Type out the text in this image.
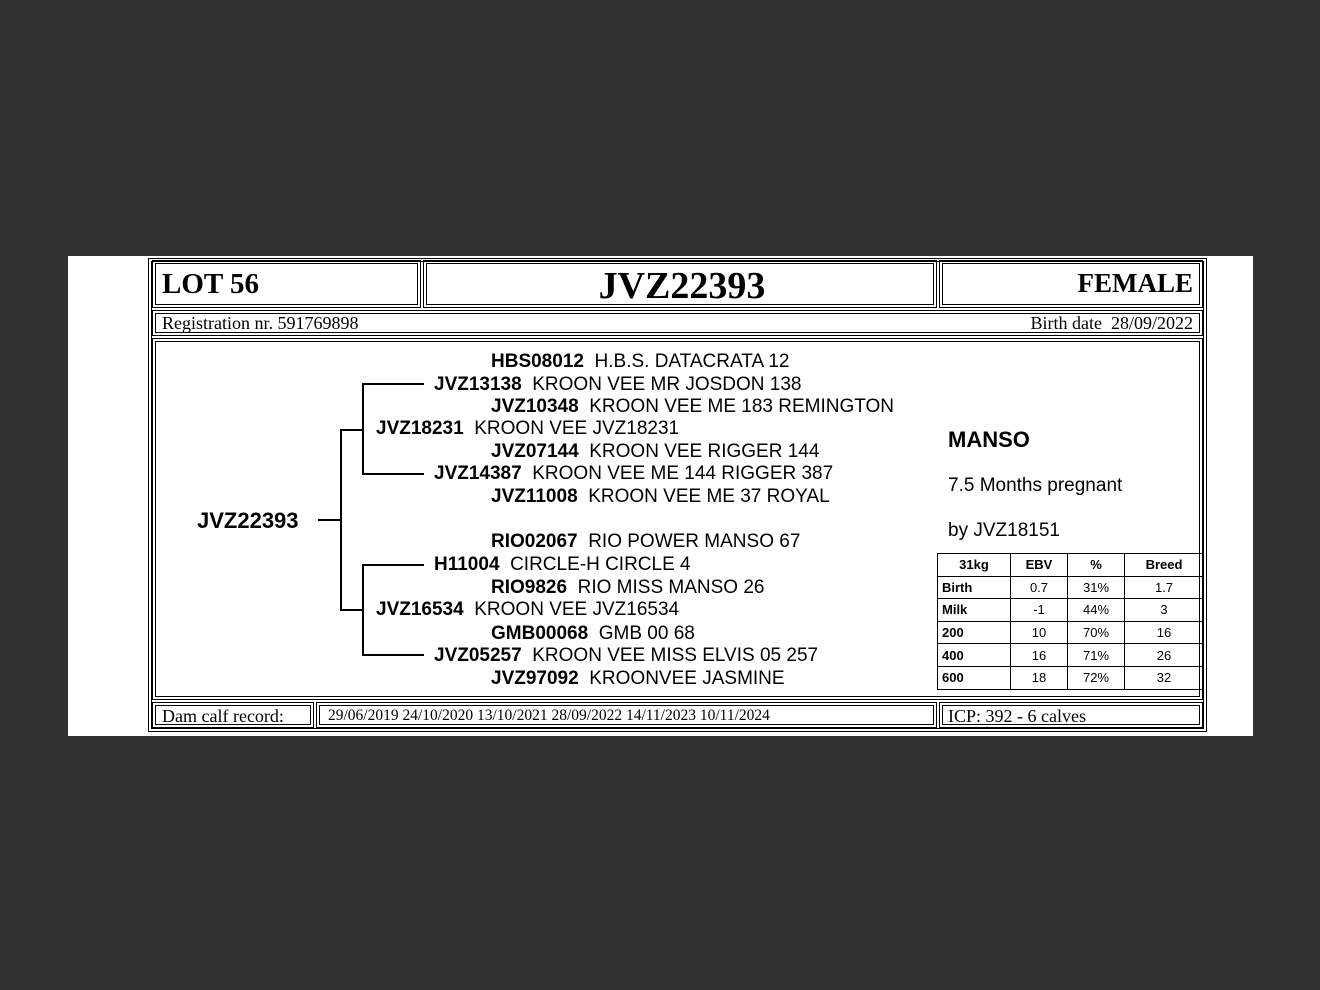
LOT 56	JVZ22393	FEMALE
Registration nr. 591769898	Birth date 28/09/2022
JVZ22393
HBS08012 H.B.S. DATACRATA 12
JVZ13138 KROON VEE MR JOSDON 138
JVZ10348 KROON VEE ME 183 REMINGTON
JVZ18231 KROON VEE JVZ18231
JVZ07144 KROON VEE RIGGER 144
JVZ14387 KROON VEE ME 144 RIGGER 387
JVZ11008 KROON VEE ME 37 ROYAL
RIO02067 RIO POWER MANSO 67
H11004 CIRCLE-H CIRCLE 4
RIO9826 RIO MISS MANSO 26
JVZ16534 KROON VEE JVZ16534
GMB00068 GMB 00 68
JVZ05257 KROON VEE MISS ELVIS 05 257
JVZ97092 KROONVEE JASMINE
MANSO
7.5 Months pregnant
by JVZ18151
31kg	EBV	%	Breed
Birth	0.7	31%	1.7
Milk	-1	44%	3
200	10	70%	16
400	16	71%	26
600	18	72%	32
Dam calf record:	29/06/2019 24/10/2020 13/10/2021 28/09/2022 14/11/2023 10/11/2024	ICP: 392 - 6 calves
